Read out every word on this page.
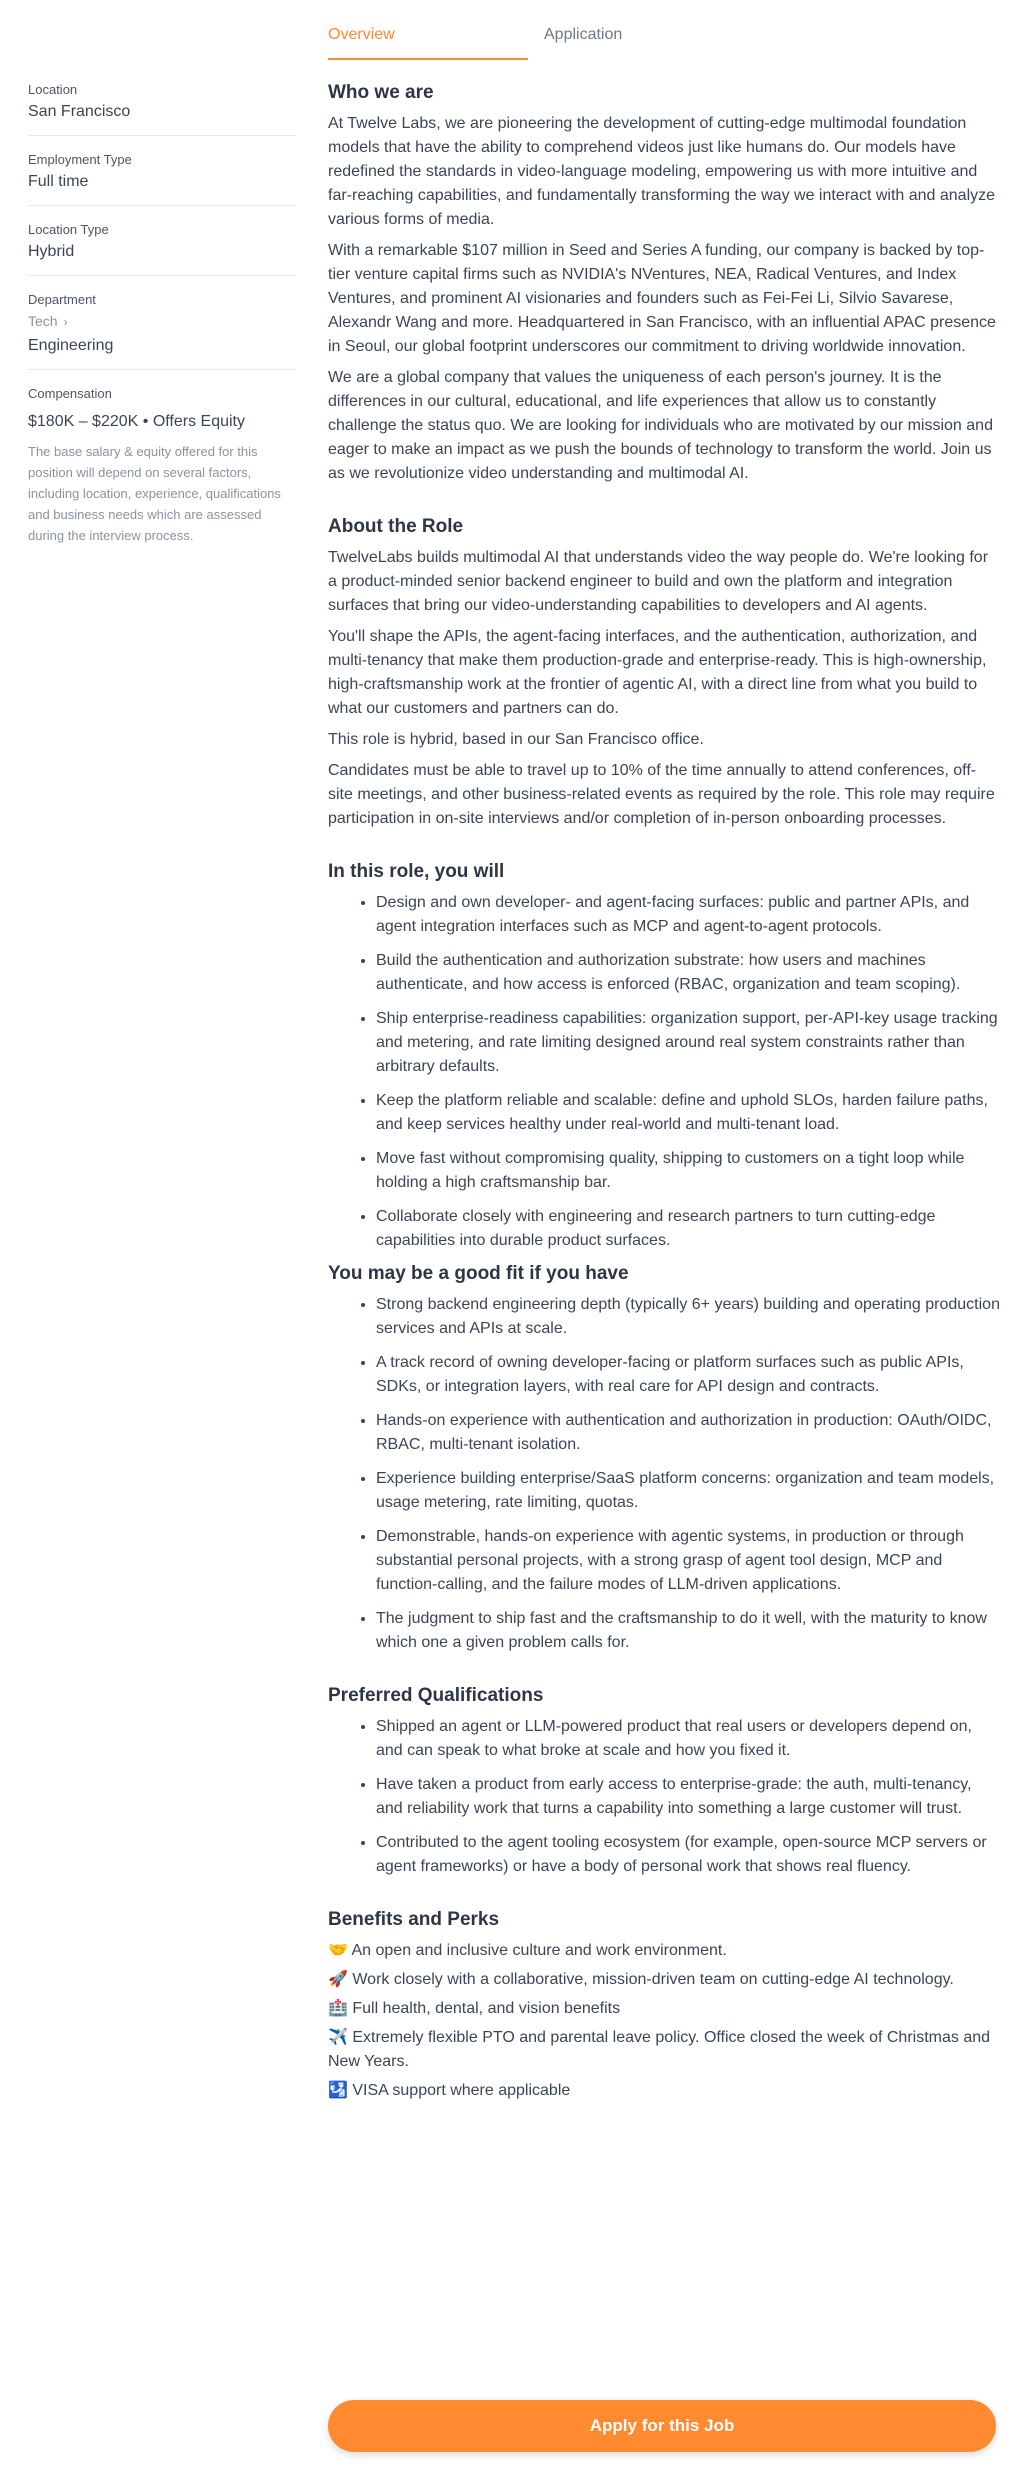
Overview	Application
Location
San Francisco
Employment Type
Full time
Location Type
Hybrid
Department
Tech ›
Engineering
Compensation
$180K – $220K • Offers Equity
The base salary & equity offered for this position will depend on several factors, including location, experience, qualifications and business needs which are assessed during the interview process.
Who we are

At Twelve Labs, we are pioneering the development of cutting-edge multimodal foundation models that have the ability to comprehend videos just like humans do. Our models have redefined the standards in video-language modeling, empowering us with more intuitive and far-reaching capabilities, and fundamentally transforming the way we interact with and analyze various forms of media.

With a remarkable $107 million in Seed and Series A funding, our company is backed by top-tier venture capital firms such as NVIDIA's NVentures, NEA, Radical Ventures, and Index Ventures, and prominent AI visionaries and founders such as Fei-Fei Li, Silvio Savarese, Alexandr Wang and more. Headquartered in San Francisco, with an influential APAC presence in Seoul, our global footprint underscores our commitment to driving worldwide innovation.

We are a global company that values the uniqueness of each person's journey. It is the differences in our cultural, educational, and life experiences that allow us to constantly challenge the status quo. We are looking for individuals who are motivated by our mission and eager to make an impact as we push the bounds of technology to transform the world. Join us as we revolutionize video understanding and multimodal AI.

About the Role

TwelveLabs builds multimodal AI that understands video the way people do. We're looking for a product-minded senior backend engineer to build and own the platform and integration surfaces that bring our video-understanding capabilities to developers and AI agents.

You'll shape the APIs, the agent-facing interfaces, and the authentication, authorization, and multi-tenancy that make them production-grade and enterprise-ready. This is high-ownership, high-craftsmanship work at the frontier of agentic AI, with a direct line from what you build to what our customers and partners can do.

This role is hybrid, based in our San Francisco office.

Candidates must be able to travel up to 10% of the time annually to attend conferences, off-site meetings, and other business-related events as required by the role. This role may require participation in on-site interviews and/or completion of in-person onboarding processes.

In this role, you will
• Design and own developer- and agent-facing surfaces: public and partner APIs, and agent integration interfaces such as MCP and agent-to-agent protocols.
• Build the authentication and authorization substrate: how users and machines authenticate, and how access is enforced (RBAC, organization and team scoping).
• Ship enterprise-readiness capabilities: organization support, per-API-key usage tracking and metering, and rate limiting designed around real system constraints rather than arbitrary defaults.
• Keep the platform reliable and scalable: define and uphold SLOs, harden failure paths, and keep services healthy under real-world and multi-tenant load.
• Move fast without compromising quality, shipping to customers on a tight loop while holding a high craftsmanship bar.
• Collaborate closely with engineering and research partners to turn cutting-edge capabilities into durable product surfaces.
You may be a good fit if you have
• Strong backend engineering depth (typically 6+ years) building and operating production services and APIs at scale.
• A track record of owning developer-facing or platform surfaces such as public APIs, SDKs, or integration layers, with real care for API design and contracts.
• Hands-on experience with authentication and authorization in production: OAuth/OIDC, RBAC, multi-tenant isolation.
• Experience building enterprise/SaaS platform concerns: organization and team models, usage metering, rate limiting, quotas.
• Demonstrable, hands-on experience with agentic systems, in production or through substantial personal projects, with a strong grasp of agent tool design, MCP and function-calling, and the failure modes of LLM-driven applications.
• The judgment to ship fast and the craftsmanship to do it well, with the maturity to know which one a given problem calls for.
Preferred Qualifications
• Shipped an agent or LLM-powered product that real users or developers depend on, and can speak to what broke at scale and how you fixed it.
• Have taken a product from early access to enterprise-grade: the auth, multi-tenancy, and reliability work that turns a capability into something a large customer will trust.
• Contributed to the agent tooling ecosystem (for example, open-source MCP servers or agent frameworks) or have a body of personal work that shows real fluency.
Benefits and Perks
🤝 An open and inclusive culture and work environment.
🚀 Work closely with a collaborative, mission-driven team on cutting-edge AI technology.
🏥 Full health, dental, and vision benefits
✈️ Extremely flexible PTO and parental leave policy. Office closed the week of Christmas and New Years.
🛂 VISA support where applicable
Apply for this Job
